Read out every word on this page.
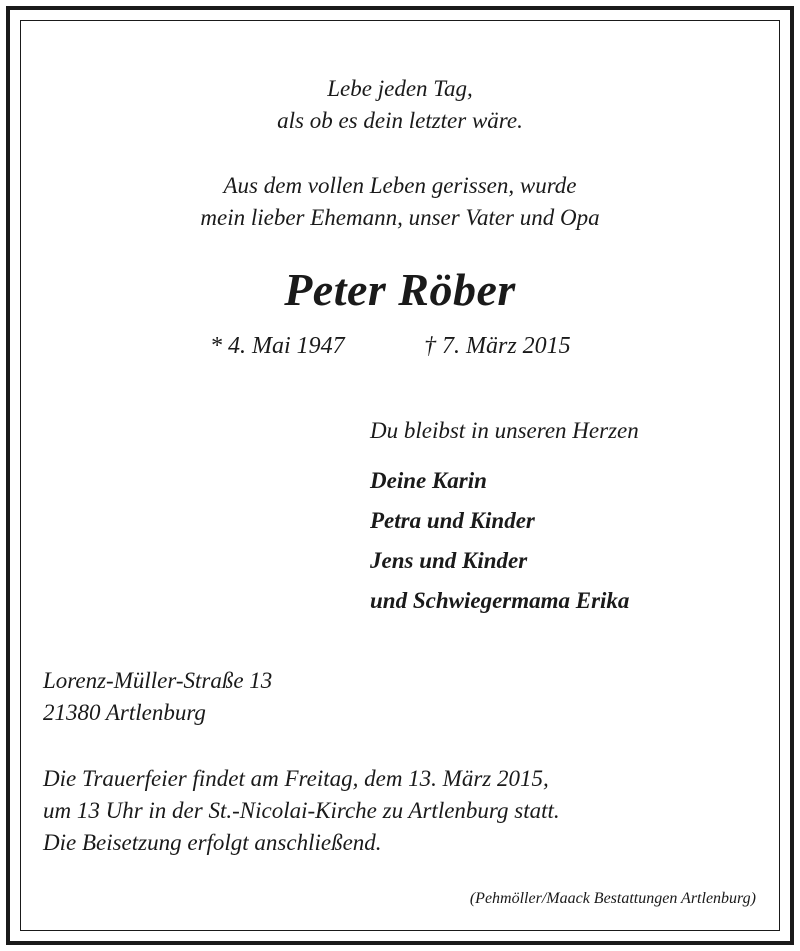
Lebe jeden Tag,
als ob es dein letzter wäre.
Aus dem vollen Leben gerissen, wurde
mein lieber Ehemann, unser Vater und Opa
Peter Röber
* 4. Mai 1947	† 7. März 2015
Du bleibst in unseren Herzen
Deine Karin
Petra und Kinder
Jens und Kinder
und Schwiegermama Erika
Lorenz-Müller-Straße 13
21380 Artlenburg
Die Trauerfeier findet am Freitag, dem 13. März 2015,
um 13 Uhr in der St.-Nicolai-Kirche zu Artlenburg statt.
Die Beisetzung erfolgt anschließend.
(Pehmöller/Maack Bestattungen Artlenburg)
